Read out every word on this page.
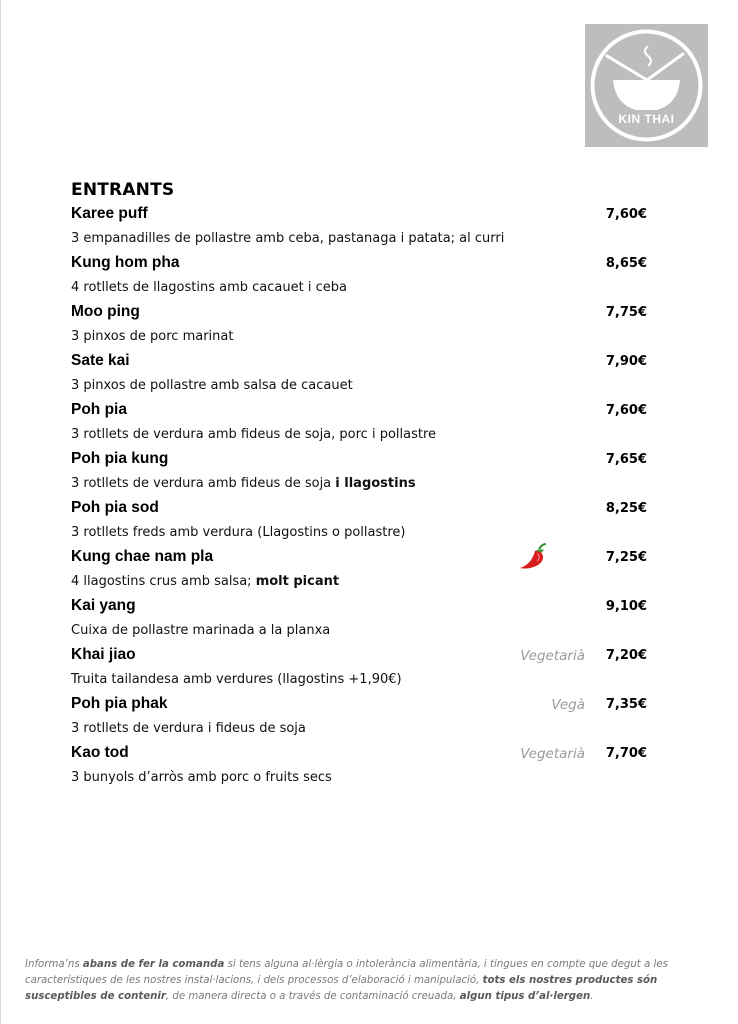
KIN THAI
ENTRANTS
Karee puff	7,60€
3 empanadilles de pollastre amb ceba, pastanaga i patata; al curri
Kung hom pha	8,65€
4 rotllets de llagostins amb cacauet i ceba
Moo ping	7,75€
3 pinxos de porc marinat
Sate kai	7,90€
3 pinxos de pollastre amb salsa de cacauet
Poh pia	7,60€
3 rotllets de verdura amb fideus de soja, porc i pollastre
Poh pia kung	7,65€
3 rotllets de verdura amb fideus de soja i llagostins
Poh pia sod	8,25€
3 rotllets freds amb verdura (Llagostins o pollastre)
Kung chae nam pla	7,25€
4 llagostins crus amb salsa; molt picant
Kai yang	9,10€
Cuixa de pollastre marinada a la planxa
Khai jiao	Vegetarià 7,20€
Truita tailandesa amb verdures (llagostins +1,90€)
Poh pia phak	Vegà 7,35€
3 rotllets de verdura i fideus de soja
Kao tod	Vegetarià 7,70€
3 bunyols d’arròs amb porc o fruits secs
Informa’ns abans de fer la comanda si tens alguna al·lèrgia o intolerància alimentària, i tingues en compte que degut a les característiques de les nostres instal·lacions, i dels processos d’elaboració i manipulació, tots els nostres productes són susceptibles de contenir, de manera directa o a través de contaminació creuada, algun tipus d’al·lergen.
